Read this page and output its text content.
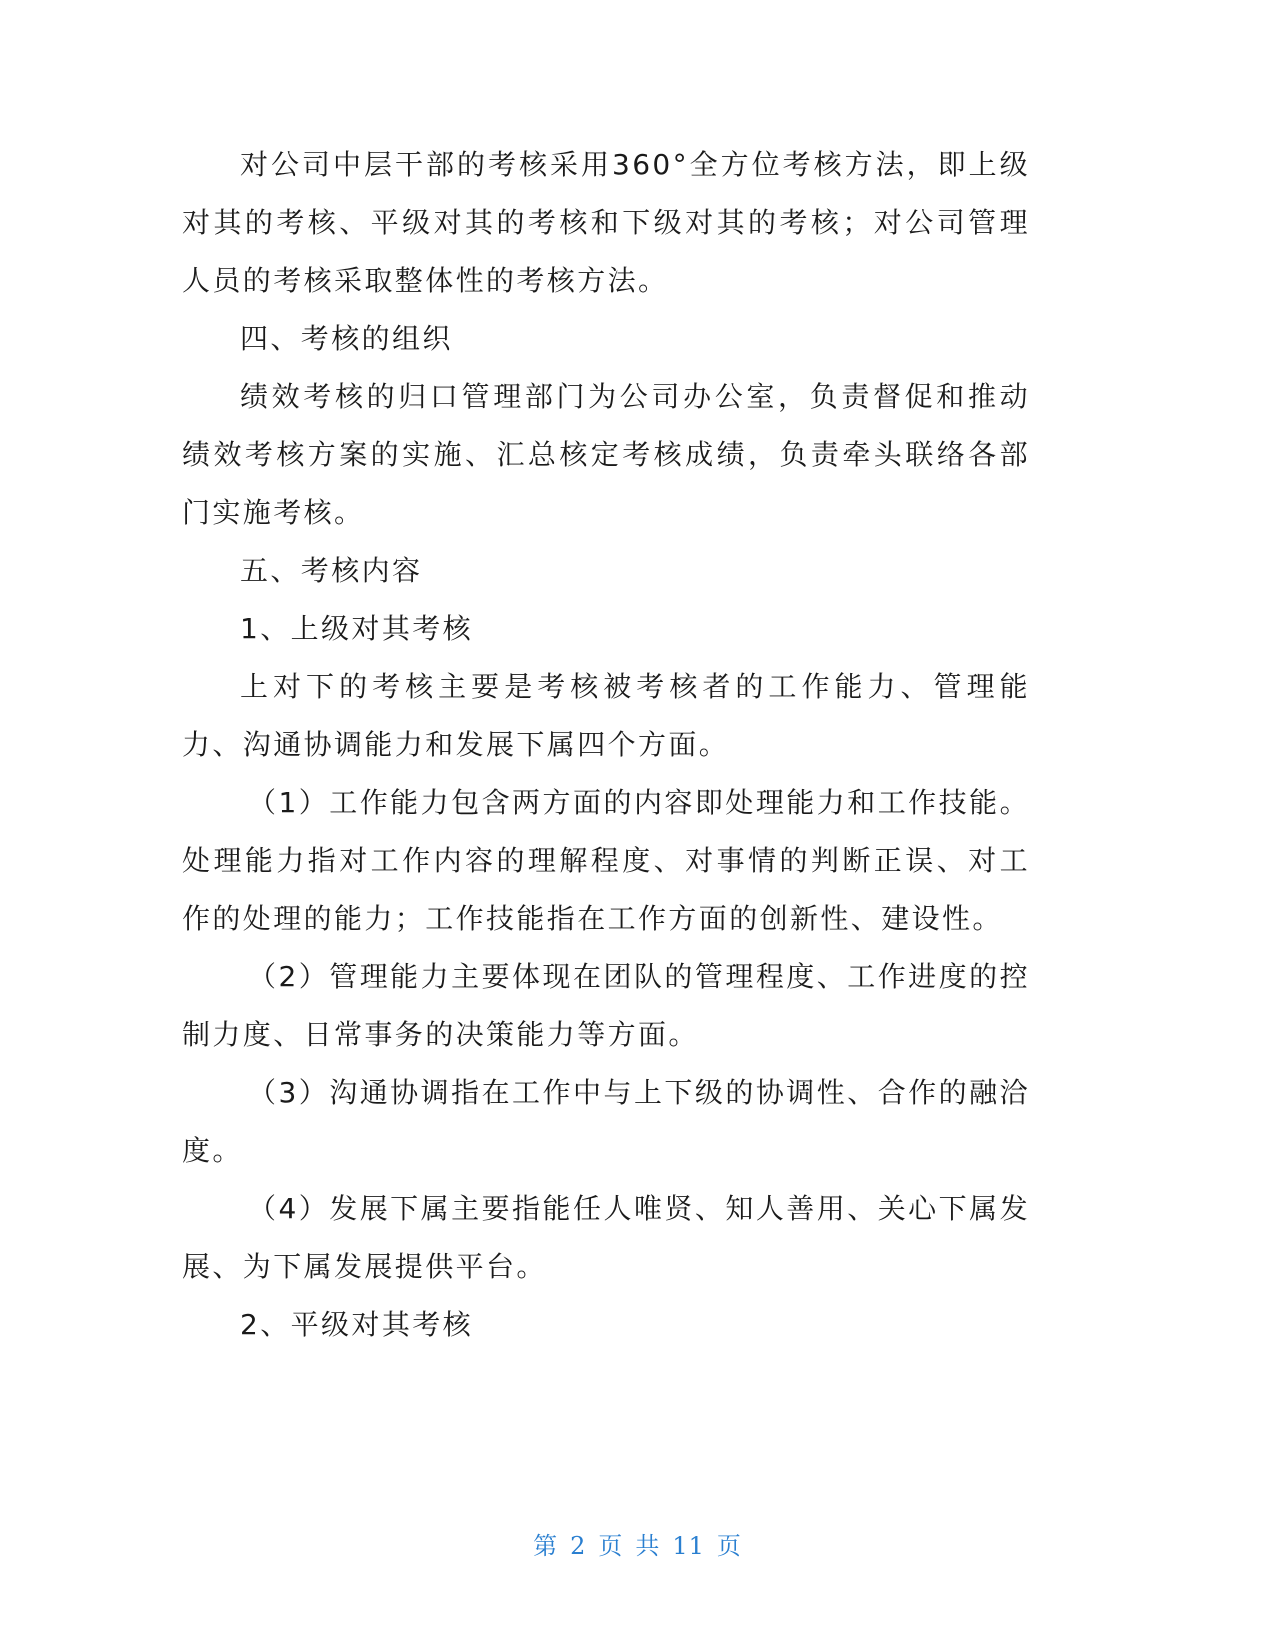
对公司中层干部的考核采用360°全方位考核方法，即上级对其的考核、平级对其的考核和下级对其的考核；对公司管理人员的考核采取整体性的考核方法。

四、考核的组织

绩效考核的归口管理部门为公司办公室，负责督促和推动绩效考核方案的实施、汇总核定考核成绩，负责牵头联络各部门实施考核。

五、考核内容

1、上级对其考核

上对下的考核主要是考核被考核者的工作能力、管理能力、沟通协调能力和发展下属四个方面。

（1）工作能力包含两方面的内容即处理能力和工作技能。处理能力指对工作内容的理解程度、对事情的判断正误、对工作的处理的能力；工作技能指在工作方面的创新性、建设性。

（2）管理能力主要体现在团队的管理程度、工作进度的控制力度、日常事务的决策能力等方面。

（3）沟通协调指在工作中与上下级的协调性、合作的融洽度。

（4）发展下属主要指能任人唯贤、知人善用、关心下属发展、为下属发展提供平台。

2、平级对其考核

第 2 页 共 11 页
